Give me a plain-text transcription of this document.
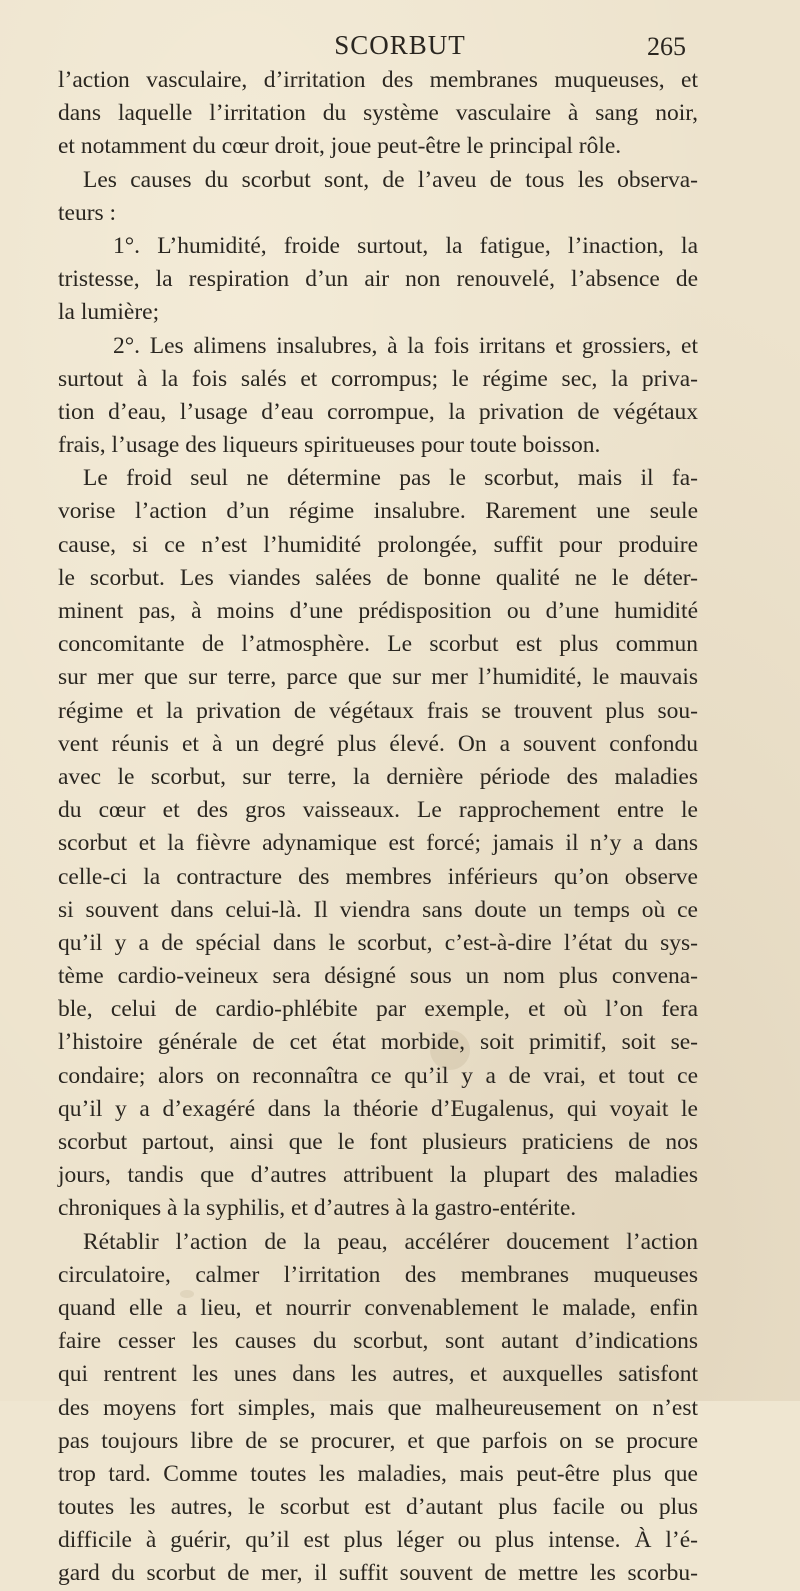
SCORBUT	265
l’action vasculaire, d’irritation des membranes muqueuses, et
dans laquelle l’irritation du système vasculaire à sang noir,
et notamment du cœur droit, joue peut-être le principal rôle.
Les causes du scorbut sont, de l’aveu de tous les observa-
teurs :
1°. L’humidité, froide surtout, la fatigue, l’inaction, la
tristesse, la respiration d’un air non renouvelé, l’absence de
la lumière;
2°. Les alimens insalubres, à la fois irritans et grossiers, et
surtout à la fois salés et corrompus; le régime sec, la priva-
tion d’eau, l’usage d’eau corrompue, la privation de végétaux
frais, l’usage des liqueurs spiritueuses pour toute boisson.
Le froid seul ne détermine pas le scorbut, mais il fa-
vorise l’action d’un régime insalubre. Rarement une seule
cause, si ce n’est l’humidité prolongée, suffit pour produire
le scorbut. Les viandes salées de bonne qualité ne le déter-
minent pas, à moins d’une prédisposition ou d’une humidité
concomitante de l’atmosphère. Le scorbut est plus commun
sur mer que sur terre, parce que sur mer l’humidité, le mauvais
régime et la privation de végétaux frais se trouvent plus sou-
vent réunis et à un degré plus élevé. On a souvent confondu
avec le scorbut, sur terre, la dernière période des maladies
du cœur et des gros vaisseaux. Le rapprochement entre le
scorbut et la fièvre adynamique est forcé; jamais il n’y a dans
celle-ci la contracture des membres inférieurs qu’on observe
si souvent dans celui-là. Il viendra sans doute un temps où ce
qu’il y a de spécial dans le scorbut, c’est-à-dire l’état du sys-
tème cardio-veineux sera désigné sous un nom plus convena-
ble, celui de cardio-phlébite par exemple, et où l’on fera
l’histoire générale de cet état morbide, soit primitif, soit se-
condaire; alors on reconnaîtra ce qu’il y a de vrai, et tout ce
qu’il y a d’exagéré dans la théorie d’Eugalenus, qui voyait le
scorbut partout, ainsi que le font plusieurs praticiens de nos
jours, tandis que d’autres attribuent la plupart des maladies
chroniques à la syphilis, et d’autres à la gastro-entérite.
Rétablir l’action de la peau, accélérer doucement l’action
circulatoire, calmer l’irritation des membranes muqueuses
quand elle a lieu, et nourrir convenablement le malade, enfin
faire cesser les causes du scorbut, sont autant d’indications
qui rentrent les unes dans les autres, et auxquelles satisfont
des moyens fort simples, mais que malheureusement on n’est
pas toujours libre de se procurer, et que parfois on se procure
trop tard. Comme toutes les maladies, mais peut-être plus que
toutes les autres, le scorbut est d’autant plus facile ou plus
difficile à guérir, qu’il est plus léger ou plus intense. À l’é-
gard du scorbut de mer, il suffit souvent de mettre les scorbu-
